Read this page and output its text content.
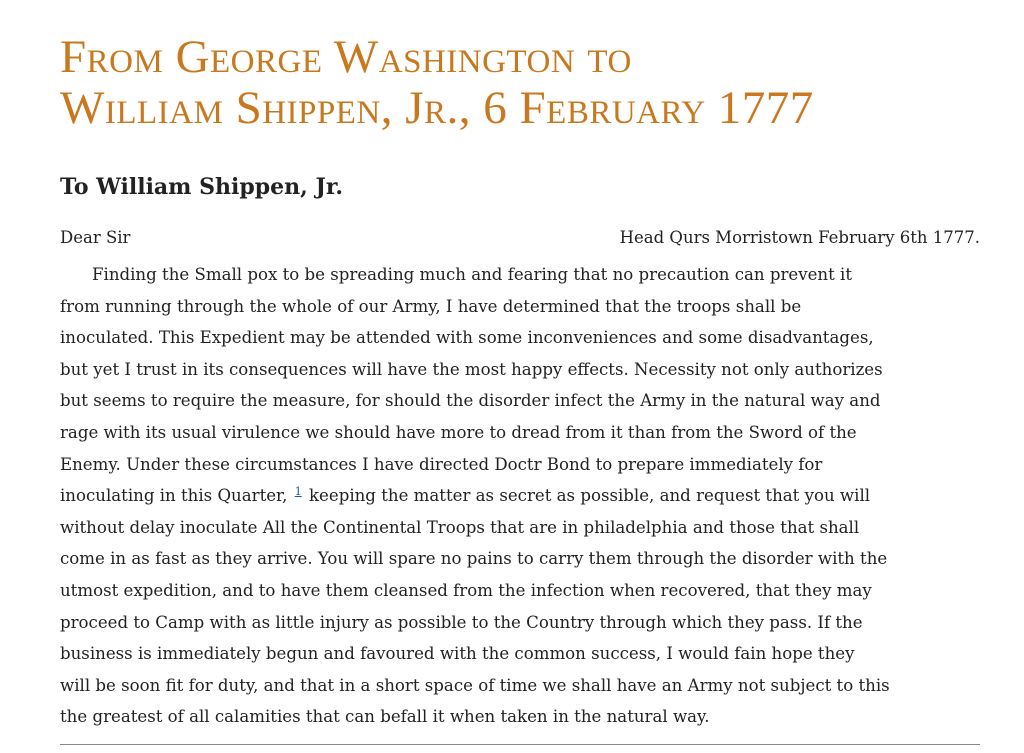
From George Washington to
William Shippen, Jr., 6 February 1777
To William Shippen, Jr.
Dear Sir	Head Qurs Morristown February 6th 1777.
Finding the Small pox to be spreading much and fearing that no precaution can prevent it
from running through the whole of our Army, I have determined that the troops shall be
inoculated. This Expedient may be attended with some inconveniences and some disadvantages,
but yet I trust in its consequences will have the most happy effects. Necessity not only authorizes
but seems to require the measure, for should the disorder infect the Army in the natural way and
rage with its usual virulence we should have more to dread from it than from the Sword of the
Enemy. Under these circumstances I have directed Doctr Bond to prepare immediately for
inoculating in this Quarter, $^1$ keeping the matter as secret as possible, and request that you will
without delay inoculate All the Continental Troops that are in philadelphia and those that shall
come in as fast as they arrive. You will spare no pains to carry them through the disorder with the
utmost expedition, and to have them cleansed from the infection when recovered, that they may
proceed to Camp with as little injury as possible to the Country through which they pass. If the
business is immediately begun and favoured with the common success, I would fain hope they
will be soon fit for duty, and that in a short space of time we shall have an Army not subject to this
the greatest of all calamities that can befall it when taken in the natural way.
